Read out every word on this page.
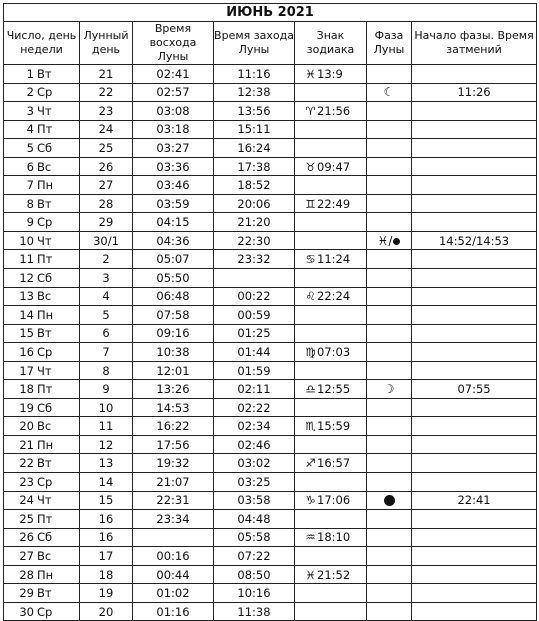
ИЮНЬ 2021						
Число, день недели	Лунный день	Время восхода Луны	Время захода Луны	Знак зодиака	Фаза Луны	Начало фазы. Время затмений
1 Вт	21	02:41	11:16	♓13:9		
2 Ср	22	02:57	12:38		☾	11:26
3 Чт	23	03:08	13:56	♈21:56		
4 Пт	24	03:18	15:11			
5 Сб	25	03:27	16:24			
6 Вс	26	03:36	17:38	♉09:47		
7 Пн	27	03:46	18:52			
8 Вт	28	03:59	20:06	♊22:49		
9 Ср	29	04:15	21:20			
10 Чт	30/1	04:36	22:30		♓/	14:52/14:53
11 Пт	2	05:07	23:32	♋11:24		
12 Сб	3	05:50				
13 Вс	4	06:48	00:22	♌22:24		
14 Пн	5	07:58	00:59			
15 Вт	6	09:16	01:25			
16 Ср	7	10:38	01:44	♍07:03		
17 Чт	8	12:01	01:59			
18 Пт	9	13:26	02:11	♎12:55	☽	07:55
19 Сб	10	14:53	02:22			
20 Вс	11	16:22	02:34	♏15:59		
21 Пн	12	17:56	02:46			
22 Вт	13	19:32	03:02	♐16:57		
23 Ср	14	21:07	03:25			
24 Чт	15	22:31	03:58	♑17:06		22:41
25 Пт	16	23:34	04:48			
26 Сб	16		05:58	♒18:10		
27 Вс	17	00:16	07:22			
28 Пн	18	00:44	08:50	♓21:52		
29 Вт	19	01:02	10:16			
30 Ср	20	01:16	11:38			
